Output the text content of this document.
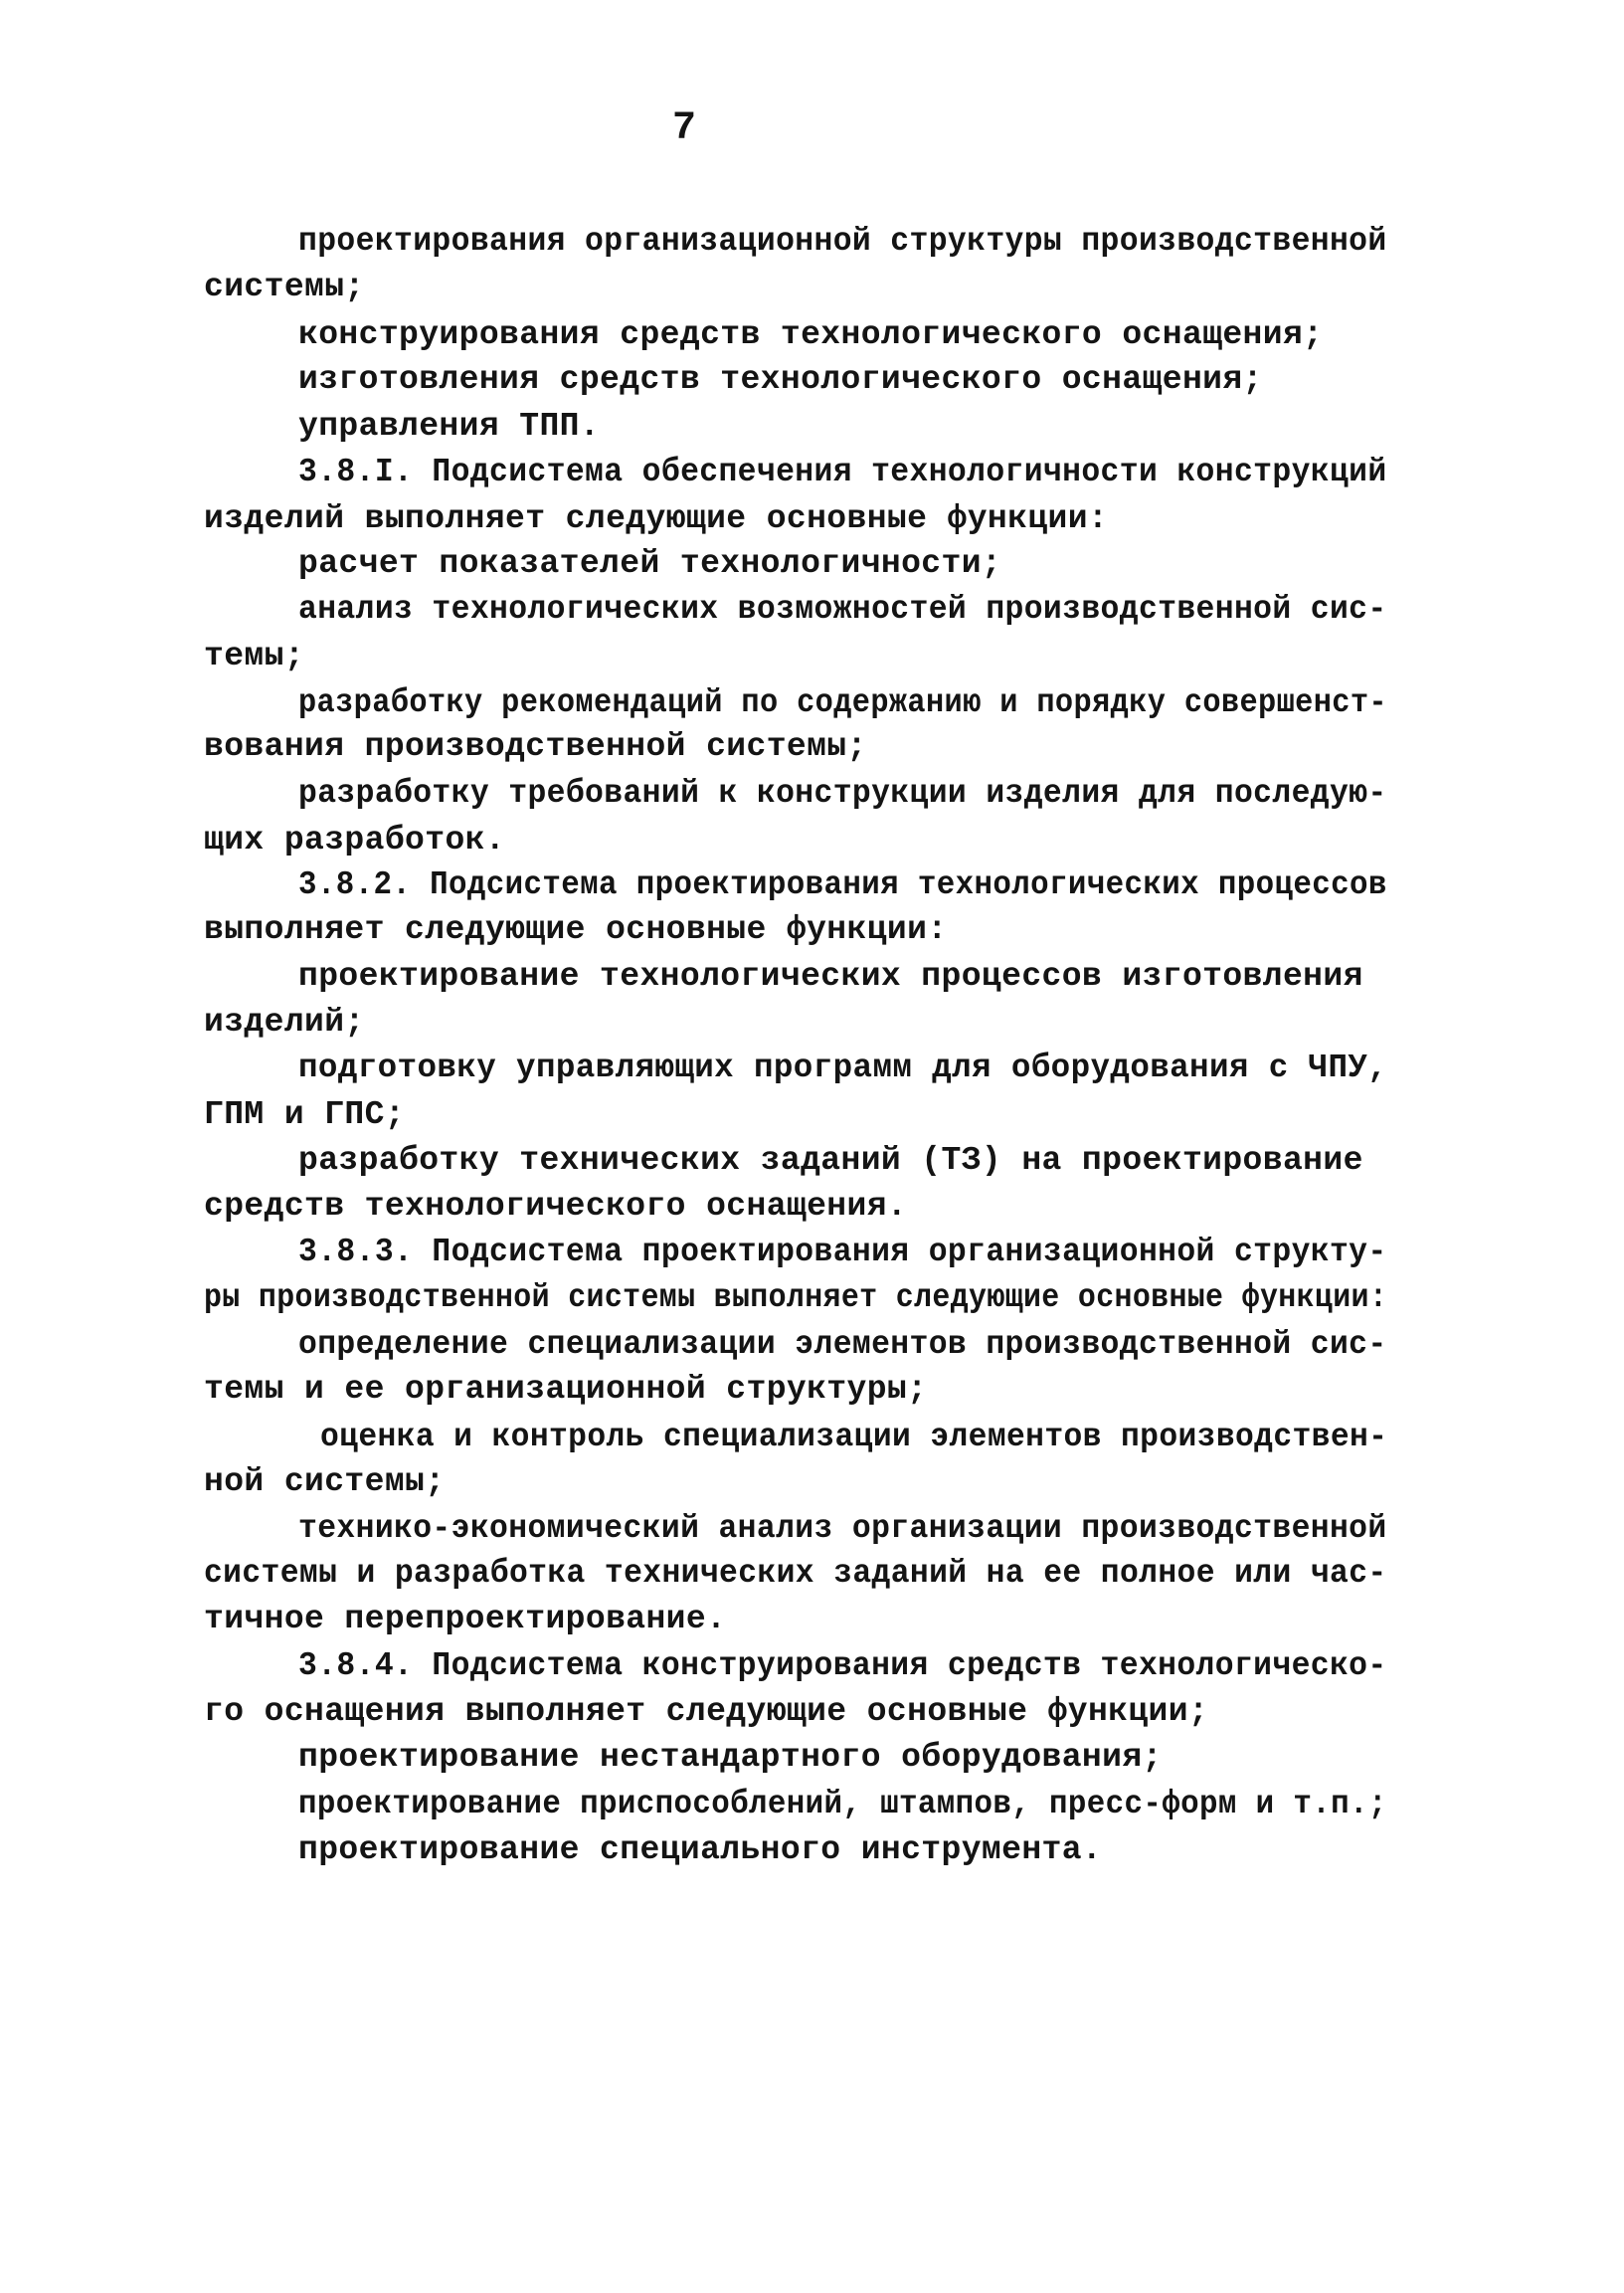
7
проектирования организационной структуры производственной
системы;
конструирования средств технологического оснащения;
изготовления средств технологического оснащения;
управления ТПП.
3.8.I. Подсистема обеспечения технологичности конструкций
изделий выполняет следующие основные функции:
расчет показателей технологичности;
анализ технологических возможностей производственной сис-
темы;
разработку рекомендаций по содержанию и порядку совершенст-
вования производственной системы;
разработку требований к конструкции изделия для последую-
щих разработок.
3.8.2. Подсистема проектирования технологических процессов
выполняет следующие основные функции:
проектирование технологических процессов изготовления
изделий;
подготовку управляющих программ для оборудования с ЧПУ,
ГПМ и ГПС;
разработку технических заданий (ТЗ) на проектирование
средств технологического оснащения.
3.8.3. Подсистема проектирования организационной структу-
ры производственной системы выполняет следующие основные функции:
определение специализации элементов производственной сис-
темы и ее организационной структуры;
оценка и контроль специализации элементов производствен-
ной системы;
технико-экономический анализ организации производственной
системы и разработка технических заданий на ее полное или час-
тичное перепроектирование.
3.8.4. Подсистема конструирования средств технологическо-
го оснащения выполняет следующие основные функции;
проектирование нестандартного оборудования;
проектирование приспособлений, штампов, пресс-форм и т.п.;
проектирование специального инструмента.
